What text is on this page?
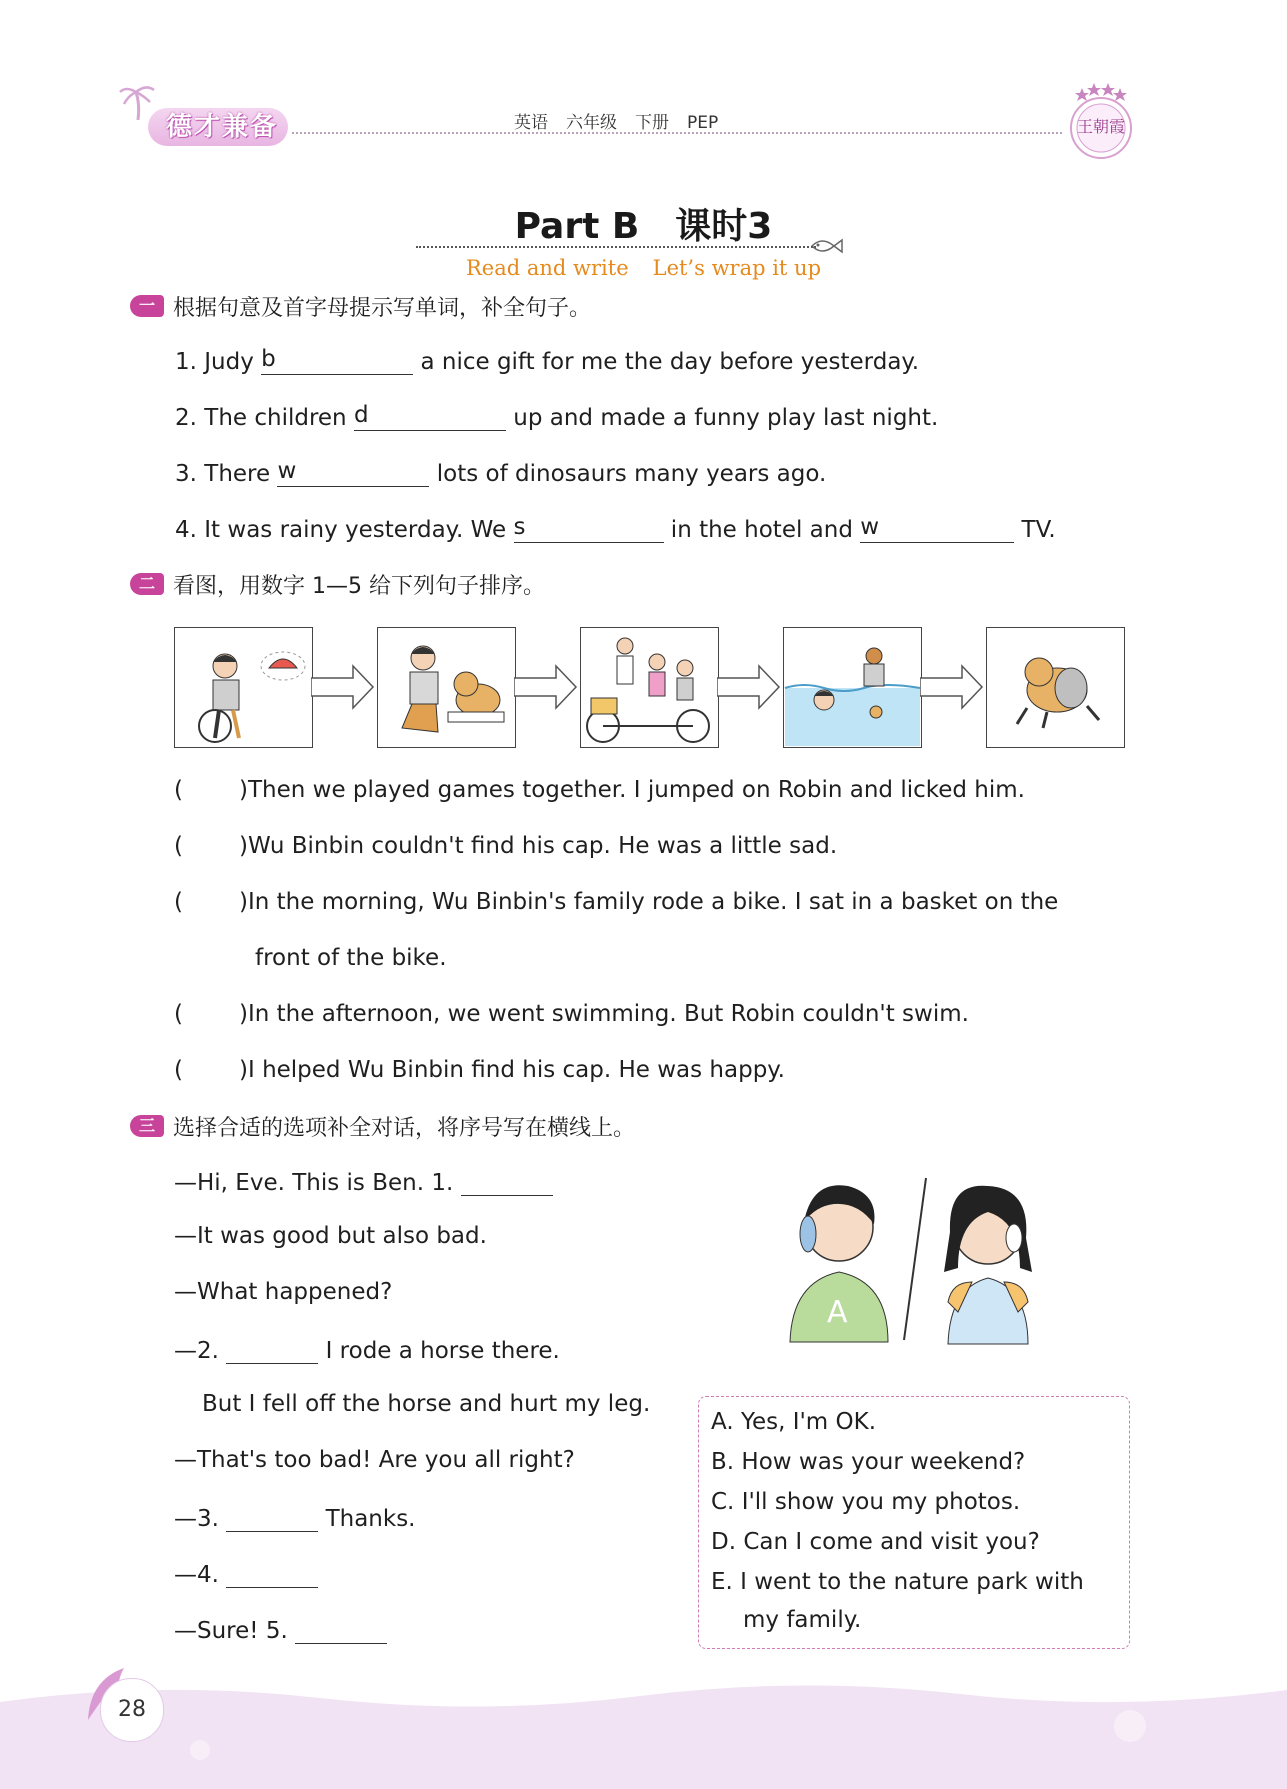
德才兼备	英语 六年级 下册 PEP	王朝霞
Part B　课时3
Read and write Let’s wrap it up
一 根据句意及首字母提示写单词，补全句子。
1. Judy b	a nice gift for me the day before yesterday.
2. The children d	up and made a funny play last night.
3. There w	lots of dinosaurs many years ago.
4. It was rainy yesterday. We s	in the hotel and w	TV.
二 看图，用数字 1—5 给下列句子排序。
( )Then we played games together. I jumped on Robin and licked him.
( )Wu Binbin couldn't find his cap. He was a little sad.
( )In the morning, Wu Binbin's family rode a bike. I sat in a basket on the
front of the bike.
( )In the afternoon, we went swimming. But Robin couldn't swim.
( )I helped Wu Binbin find his cap. He was happy.
三 选择合适的选项补全对话，将序号写在横线上。
—Hi, Eve. This is Ben. 1.
—It was good but also bad.
—What happened?
—2.	I rode a horse there.
But I fell off the horse and hurt my leg.
—That's too bad! Are you all right?
—3.	Thanks.
—4.
—Sure! 5.
A
A. Yes, I'm OK.
B. How was your weekend?
C. I'll show you my photos.
D. Can I come and visit you?
E. I went to the nature park with
my family.
28
